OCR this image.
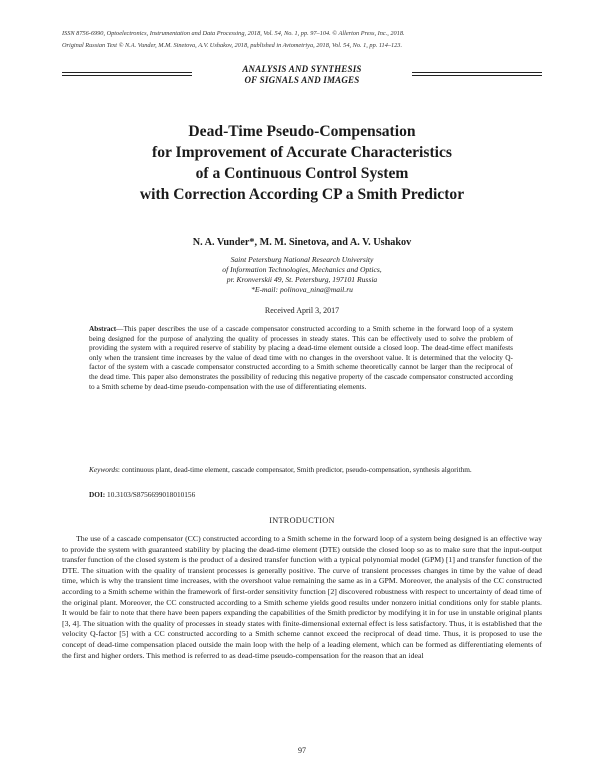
ISSN 8756-6990, Optoelectronics, Instrumentation and Data Processing, 2018, Vol. 54, No. 1, pp. 97–104. © Allerton Press, Inc., 2018.
Original Russian Text © N.A. Vunder, M.M. Sinetova, A.V. Ushakov, 2018, published in Avtometriya, 2018, Vol. 54, No. 1, pp. 114–123.
ANALYSIS AND SYNTHESIS
OF SIGNALS AND IMAGES
Dead-Time Pseudo-Compensation
for Improvement of Accurate Characteristics
of a Continuous Control System
with Correction According CP a Smith Predictor
N. A. Vunder*, M. M. Sinetova, and A. V. Ushakov
Saint Petersburg National Research University
of Information Technologies, Mechanics and Optics,
pr. Kronverskii 49, St. Petersburg, 197101 Russia
*E-mail: polinova_nina@mail.ru
Received April 3, 2017
Abstract—This paper describes the use of a cascade compensator constructed according to a Smith scheme in the forward loop of a system being designed for the purpose of analyzing the quality of processes in steady states. This can be effectively used to solve the problem of providing the system with a required reserve of stability by placing a dead-time element outside a closed loop. The dead-time effect manifests only when the transient time increases by the value of dead time with no changes in the overshoot value. It is determined that the velocity Q-factor of the system with a cascade compensator constructed according to a Smith scheme theoretically cannot be larger than the reciprocal of the dead time. This paper also demonstrates the possibility of reducing this negative property of the cascade compensator constructed according to a Smith scheme by dead-time pseudo-compensation with the use of differentiating elements.
Keywords: continuous plant, dead-time element, cascade compensator, Smith predictor, pseudo-compensation, synthesis algorithm.
DOI: 10.3103/S8756699018010156
INTRODUCTION
The use of a cascade compensator (CC) constructed according to a Smith scheme in the forward loop of a system being designed is an effective way to provide the system with guaranteed stability by placing the dead-time element (DTE) outside the closed loop so as to make sure that the input-output transfer function of the closed system is the product of a desired transfer function with a typical polynomial model (GPM) [1] and transfer function of the DTE. The situation with the quality of transient processes is generally positive. The curve of transient processes changes in time by the value of dead time, which is why the transient time increases, with the overshoot value remaining the same as in a GPM. Moreover, the analysis of the CC constructed according to a Smith scheme within the framework of first-order sensitivity function [2] discovered robustness with respect to uncertainty of dead time of the original plant. Moreover, the CC constructed according to a Smith scheme yields good results under nonzero initial conditions only for stable plants. It would be fair to note that there have been papers expanding the capabilities of the Smith predictor by modifying it in for use in unstable original plants [3, 4]. The situation with the quality of processes in steady states with finite-dimensional external effect is less satisfactory. Thus, it is established that the velocity Q-factor [5] with a CC constructed according to a Smith scheme cannot exceed the reciprocal of dead time. Thus, it is proposed to use the concept of dead-time compensation placed outside the main loop with the help of a leading element, which can be formed as differentiating elements of the first and higher orders. This method is referred to as dead-time pseudo-compensation for the reason that an ideal
97
